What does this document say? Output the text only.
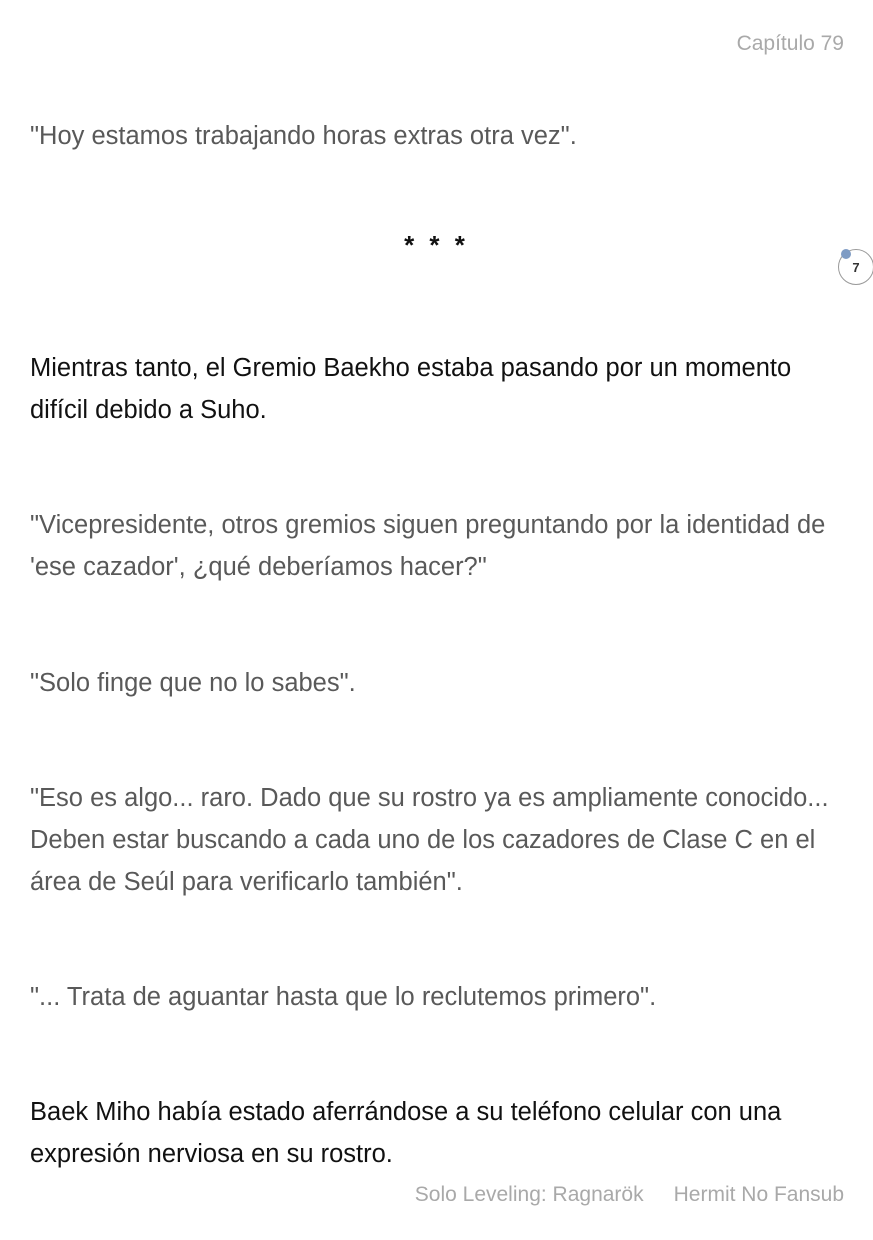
Capítulo 79

"Hoy estamos trabajando horas extras otra vez".

* * *
7

Mientras tanto, el Gremio Baekho estaba pasando por un momento difícil debido a Suho.

"Vicepresidente, otros gremios siguen preguntando por la identidad de 'ese cazador', ¿qué deberíamos hacer?"

"Solo finge que no lo sabes".

"Eso es algo... raro. Dado que su rostro ya es ampliamente conocido... Deben estar buscando a cada uno de los cazadores de Clase C en el área de Seúl para verificarlo también".

"... Trata de aguantar hasta que lo reclutemos primero".

Baek Miho había estado aferrándose a su teléfono celular con una expresión nerviosa en su rostro.

Solo Leveling: Ragnarök Hermit No Fansub
